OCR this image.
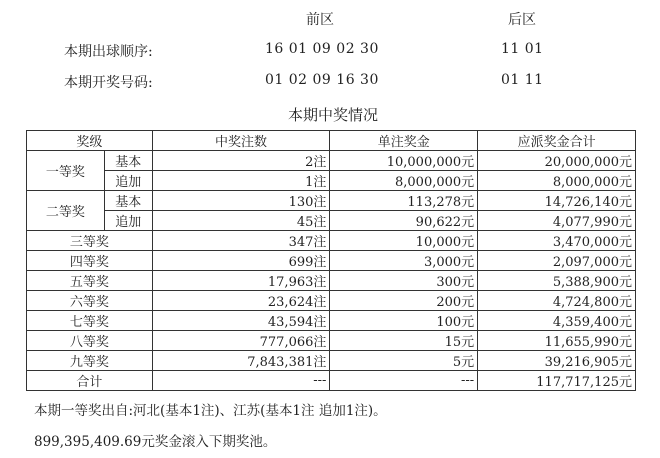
前区	后区
本期出球顺序:	16 01 09 02 30	11 01
本期开奖号码:	01 02 09 16 30	01 11
本期中奖情况
奖级		中奖注数	单注奖金	应派奖金合计
一等奖	基本	2注	10,000,000元	20,000,000元
	追加	1注	8,000,000元	8,000,000元
二等奖	基本	130注	113,278元	14,726,140元
	追加	45注	90,622元	4,077,990元
三等奖		347注	10,000元	3,470,000元
四等奖		699注	3,000元	2,097,000元
五等奖		17,963注	300元	5,388,900元
六等奖		23,624注	200元	4,724,800元
七等奖		43,594注	100元	4,359,400元
八等奖		777,066注	15元	11,655,990元
九等奖		7,843,381注	5元	39,216,905元
合计		---	---	117,717,125元
本期一等奖出自:河北(基本1注)、江苏(基本1注 追加1注)。
899,395,409.69元奖金滚入下期奖池。
